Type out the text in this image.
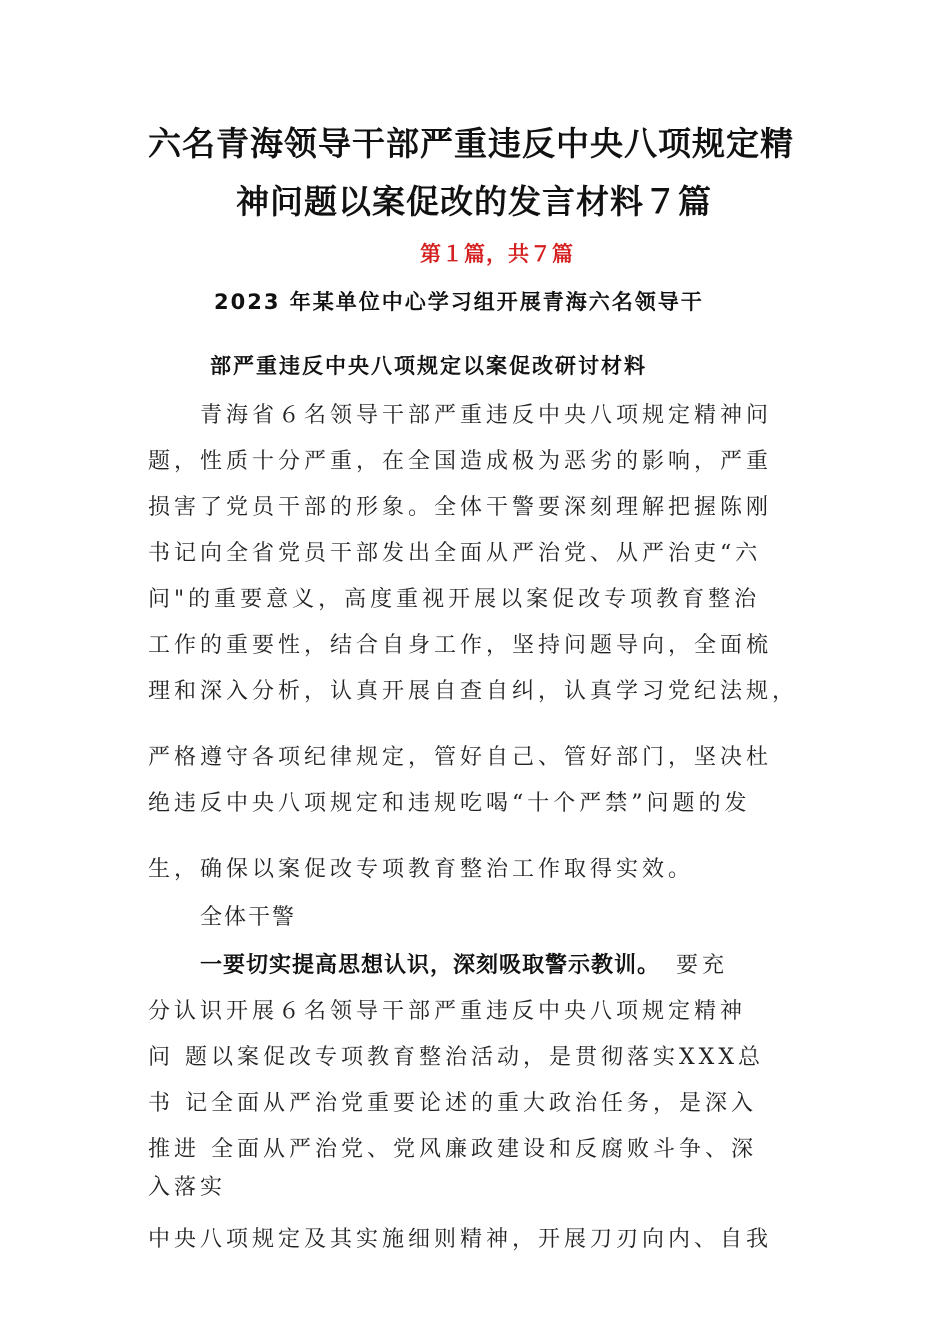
六名青海领导干部严重违反中央八项规定精
神问题以案促改的发言材料７篇

第１篇，共７篇

2023 年某单位中心学习组开展青海六名领导干

部严重违反中央八项规定以案促改研讨材料

青海省６名领导干部严重违反中央八项规定精神问

题，性质十分严重，在全国造成极为恶劣的影响，严重

损害了党员干部的形象。全体干警要深刻理解把握陈刚

书记向全省党员干部发出全面从严治党、从严治吏“六

问"的重要意义，高度重视开展以案促改专项教育整治

工作的重要性，结合自身工作，坚持问题导向，全面梳

理和深入分析，认真开展自查自纠，认真学习党纪法规，

严格遵守各项纪律规定，管好自己、管好部门，坚决杜

绝违反中央八项规定和违规吃喝“十个严禁”问题的发

生，确保以案促改专项教育整治工作取得实效。

全体干警

一要切实提高思想认识，深刻吸取警示教训。 要充

分认识开展６名领导干部严重违反中央八项规定精神

问 题以案促改专项教育整治活动，是贯彻落实XXX总

书 记全面从严治党重要论述的重大政治任务，是深入

推进 全面从严治党、党风廉政建设和反腐败斗争、深

入落实

中央八项规定及其实施细则精神，开展刀刃向内、自我
